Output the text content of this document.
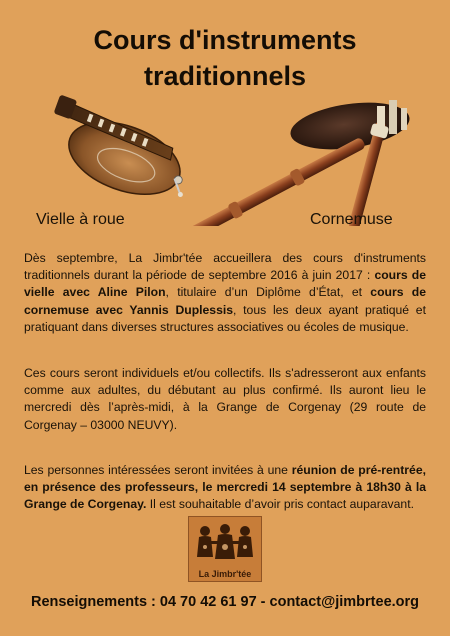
Cours d'instruments
traditionnels
Vielle à roue	Cornemuse
Dès septembre, La Jimbr'tée accueillera des cours d'instruments traditionnels durant la période de septembre 2016 à juin 2017 : cours de vielle avec Aline Pilon, titulaire d’un Diplôme d’État, et cours de cornemuse avec Yannis Duplessis, tous les deux ayant pratiqué et pratiquant dans diverses structures associatives ou écoles de musique.
Ces cours seront individuels et/ou collectifs. Ils s'adresseront aux enfants comme aux adultes, du débutant au plus confirmé. Ils auront lieu le mercredi dès l’après-midi, à la Grange de Corgenay (29 route de Corgenay – 03000 NEUVY).
Les personnes intéressées seront invitées à une réunion de pré-rentrée, en présence des professeurs, le mercredi 14 septembre à 18h30 à la Grange de Corgenay. Il est souhaitable d’avoir pris contact auparavant.
La Jimbr'tée
Renseignements : 04 70 42 61 97 - contact@jimbrtee.org
